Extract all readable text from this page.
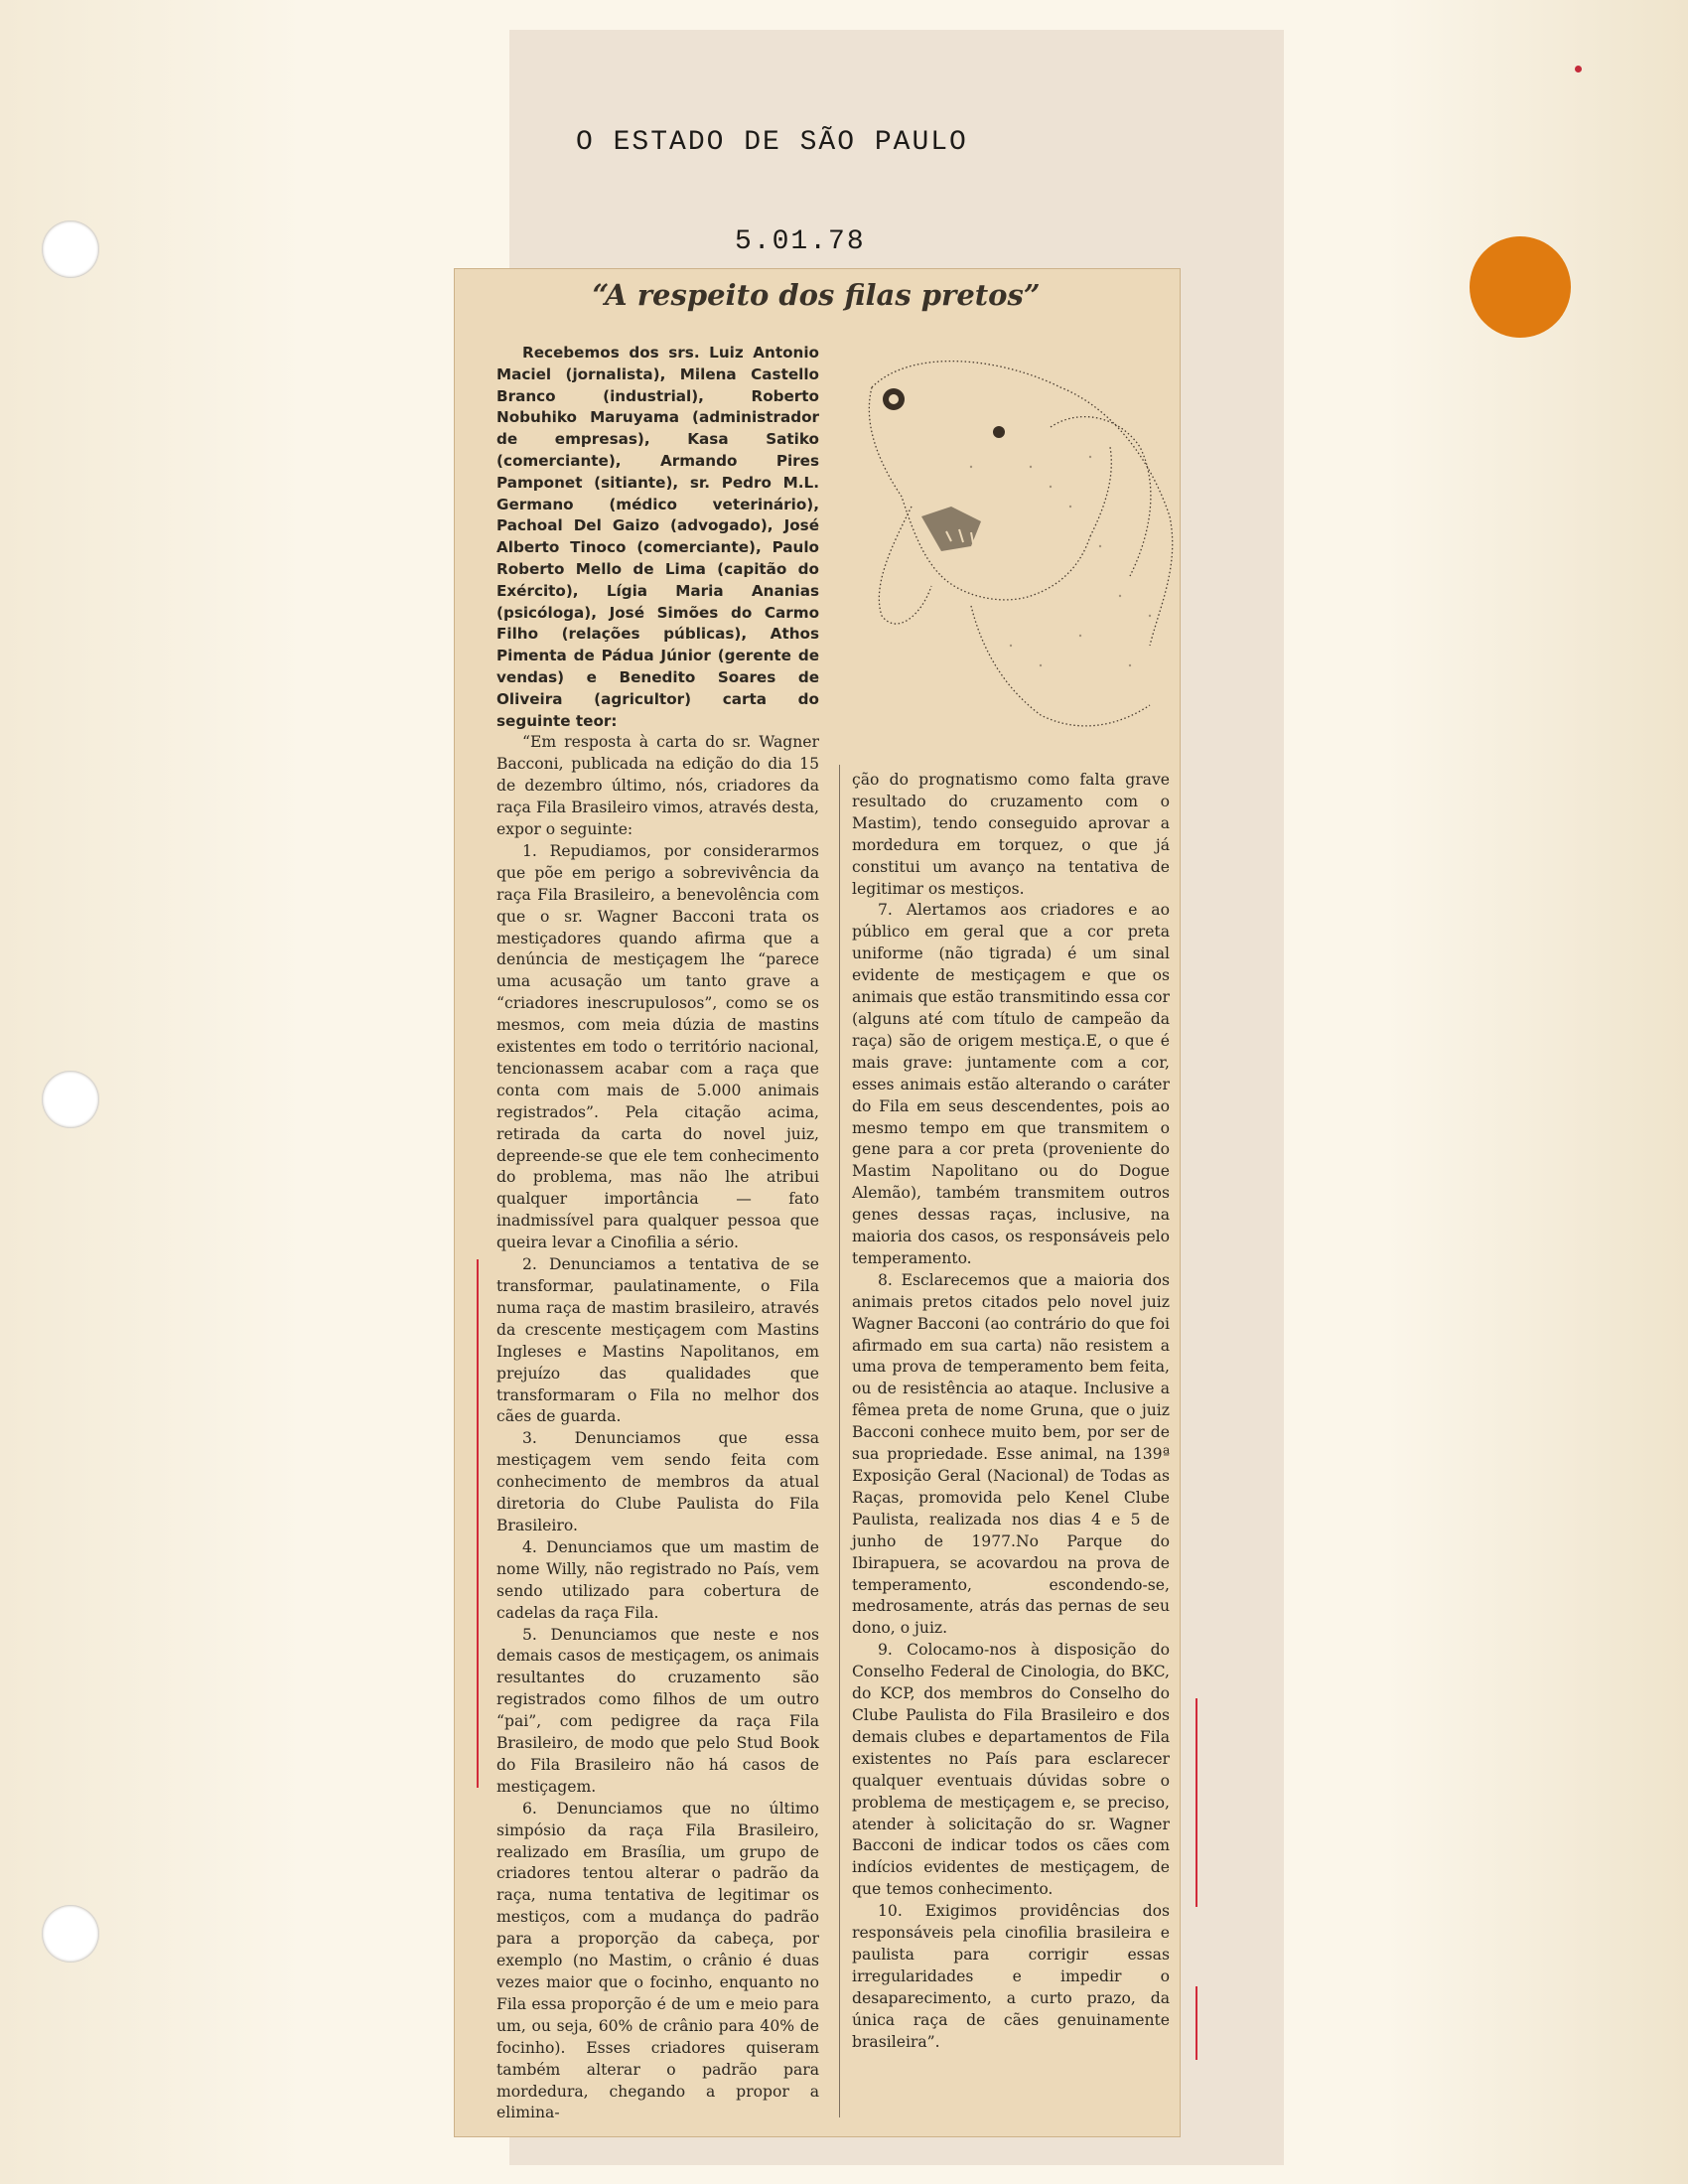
O ESTADO DE SÃO PAULO
5.01.78
“A respeito dos filas pretos”

Recebemos dos srs. Luiz Antonio Maciel (jornalista), Milena Castello Branco (industrial), Roberto Nobuhiko Maruyama (administrador de empresas), Kasa Satiko (comerciante), Armando Pires Pamponet (sitiante), sr. Pedro M.L. Germano (médico veterinário), Pachoal Del Gaizo (advogado), José Alberto Tinoco (comerciante), Paulo Roberto Mello de Lima (capitão do Exército), Lígia Maria Ananias (psicóloga), José Simões do Carmo Filho (relações públicas), Athos Pimenta de Pádua Júnior (gerente de vendas) e Benedito Soares de Oliveira (agricultor) carta do seguinte teor:

“Em resposta à carta do sr. Wagner Bacconi, publicada na edição do dia 15 de dezembro último, nós, criadores da raça Fila Brasileiro vimos, através desta, expor o seguinte:

1. Repudiamos, por considerarmos que põe em perigo a sobrevivência da raça Fila Brasileiro, a benevolência com que o sr. Wagner Bacconi trata os mestiçadores quando afirma que a denúncia de mestiçagem lhe “parece uma acusação um tanto grave a “criadores inescrupulosos”, como se os mesmos, com meia dúzia de mastins existentes em todo o território nacional, tencionassem acabar com a raça que conta com mais de 5.000 animais registrados”. Pela citação acima, retirada da carta do novel juiz, depreende-se que ele tem conhecimento do problema, mas não lhe atribui qualquer importância — fato inadmissível para qualquer pessoa que queira levar a Cinofilia a sério.

2. Denunciamos a tentativa de se transformar, paulatinamente, o Fila numa raça de mastim brasileiro, através da crescente mestiçagem com Mastins Ingleses e Mastins Napolitanos, em prejuízo das qualidades que transformaram o Fila no melhor dos cães de guarda.

3. Denunciamos que essa mestiçagem vem sendo feita com conhecimento de membros da atual diretoria do Clube Paulista do Fila Brasileiro.

4. Denunciamos que um mastim de nome Willy, não registrado no País, vem sendo utilizado para cobertura de cadelas da raça Fila.

5. Denunciamos que neste e nos demais casos de mestiçagem, os animais resultantes do cruzamento são registrados como filhos de um outro “pai”, com pedigree da raça Fila Brasileiro, de modo que pelo Stud Book do Fila Brasileiro não há casos de mestiçagem.

6. Denunciamos que no último simpósio da raça Fila Brasileiro, realizado em Brasília, um grupo de criadores tentou alterar o padrão da raça, numa tentativa de legitimar os mestiços, com a mudança do padrão para a proporção da cabeça, por exemplo (no Mastim, o crânio é duas vezes maior que o focinho, enquanto no Fila essa proporção é de um e meio para um, ou seja, 60% de crânio para 40% de focinho). Esses criadores quiseram também alterar o padrão para mordedura, chegando a propor a elimina-

ção do prognatismo como falta grave resultado do cruzamento com o Mastim), tendo conseguido aprovar a mordedura em torquez, o que já constitui um avanço na tentativa de legitimar os mestiços.

7. Alertamos aos criadores e ao público em geral que a cor preta uniforme (não tigrada) é um sinal evidente de mestiçagem e que os animais que estão transmitindo essa cor (alguns até com título de campeão da raça) são de origem mestiça.E, o que é mais grave: juntamente com a cor, esses animais estão alterando o caráter do Fila em seus descendentes, pois ao mesmo tempo em que transmitem o gene para a cor preta (proveniente do Mastim Napolitano ou do Dogue Alemão), também transmitem outros genes dessas raças, inclusive, na maioria dos casos, os responsáveis pelo temperamento.

8. Esclarecemos que a maioria dos animais pretos citados pelo novel juiz Wagner Bacconi (ao contrário do que foi afirmado em sua carta) não resistem a uma prova de temperamento bem feita, ou de resistência ao ataque. Inclusive a fêmea preta de nome Gruna, que o juiz Bacconi conhece muito bem, por ser de sua propriedade. Esse animal, na 139ª Exposição Geral (Nacional) de Todas as Raças, promovida pelo Kenel Clube Paulista, realizada nos dias 4 e 5 de junho de 1977.No Parque do Ibirapuera, se acovardou na prova de temperamento, escondendo-se, medrosamente, atrás das pernas de seu dono, o juiz.

9. Colocamo-nos à disposição do Conselho Federal de Cinologia, do BKC, do KCP, dos membros do Conselho do Clube Paulista do Fila Brasileiro e dos demais clubes e departamentos de Fila existentes no País para esclarecer qualquer eventuais dúvidas sobre o problema de mestiçagem e, se preciso, atender à solicitação do sr. Wagner Bacconi de indicar todos os cães com indícios evidentes de mestiçagem, de que temos conhecimento.

10. Exigimos providências dos responsáveis pela cinofilia brasileira e paulista para corrigir essas irregularidades e impedir o desaparecimento, a curto prazo, da única raça de cães genuinamente brasileira”.
